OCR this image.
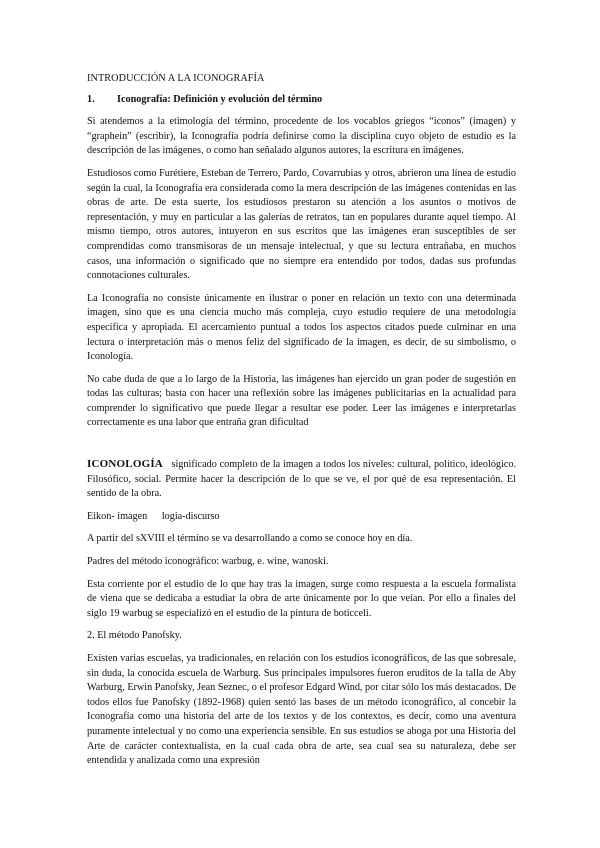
INTRODUCCIÓN A LA ICONOGRAFÍA
1.	Iconografía: Definición y evolución del término

Si atendemos a la etimología del término, procedente de los vocablos griegos “iconos” (imagen) y “graphein” (escribir), la Iconografía podría definirse como la disciplina cuyo objeto de estudio es la descripción de las imágenes, o como han señalado algunos autores, la escritura en imágenes.

Estudiosos como Furétiere, Esteban de Terrero, Pardo, Covarrubias y otros, abrieron una línea de estudio según la cual, la Iconografía era considerada como la mera descripción de las imágenes contenidas en las obras de arte. De esta suerte, los estudiosos prestaron su atención a los asuntos o motivos de representación, y muy en particular a las galerías de retratos, tan en populares durante aquel tiempo. Al mismo tiempo, otros autores, intuyeron en sus escritos que las imágenes eran susceptibles de ser comprendidas como transmisoras de un mensaje intelectual, y que su lectura entrañaba, en muchos casos, una información o significado que no siempre era entendido por todos, dadas sus profundas connotaciones culturales.

La Iconografía no consiste únicamente en ilustrar o poner en relación un texto con una determinada imagen, sino que es una ciencia mucho más compleja, cuyo estudio requiere de una metodología específica y apropiada. El acercamiento puntual a todos los aspectos citados puede culminar en una lectura o interpretación más o menos feliz del significado de la imagen, es decir, de su simbolismo, o Iconología.

No cabe duda de que a lo largo de la Historia, las imágenes han ejercido un gran poder de sugestión en todas las culturas; basta con hacer una reflexión sobre las imágenes publicitarias en la actualidad para comprender lo significativo que puede llegar a resultar ese poder. Leer las imágenes e interpretarlas correctamente es una labor que entraña gran dificultad

ICONOLOGÍA significado completo de la imagen a todos los niveles: cultural, político, ideológico. Filosófico, social. Permite hacer la descripción de lo que se ve, el por qué de esa representación. El sentido de la obra.

Eikon- imagen logia-discurso

A partir del sXVIII el término se va desarrollando a como se conoce hoy en día.

Padres del método iconográfico: warbug, e. wine, wanoski.

Esta corriente por el estudio de lo que hay tras la imagen, surge como respuesta a la escuela formalista de viena que se dedicaba a estudiar la obra de arte únicamente por lo que veían. Por ello a finales del siglo 19 warbug se especializó en el estudio de la pintura de boticceli.

2. El método Panofsky.

Existen varias escuelas, ya tradicionales, en relación con los estudios iconográficos, de las que sobresale, sin duda, la conocida escuela de Warburg. Sus principales impulsores fueron eruditos de la talla de Aby Warburg, Erwin Panofsky, Jean Seznec, o el profesor Edgard Wind, por citar sólo los más destacados. De todos ellos fue Panofsky (1892-1968) quien sentó las bases de un método iconográfico, al concebir la Iconografía como una historia del arte de los textos y de los contextos, es decir, como una aventura puramente intelectual y no como una experiencia sensible. En sus estudios se aboga por una Historia del Arte de carácter contextualista, en la cual cada obra de arte, sea cual sea su naturaleza, debe ser entendida y analizada como una expresión
